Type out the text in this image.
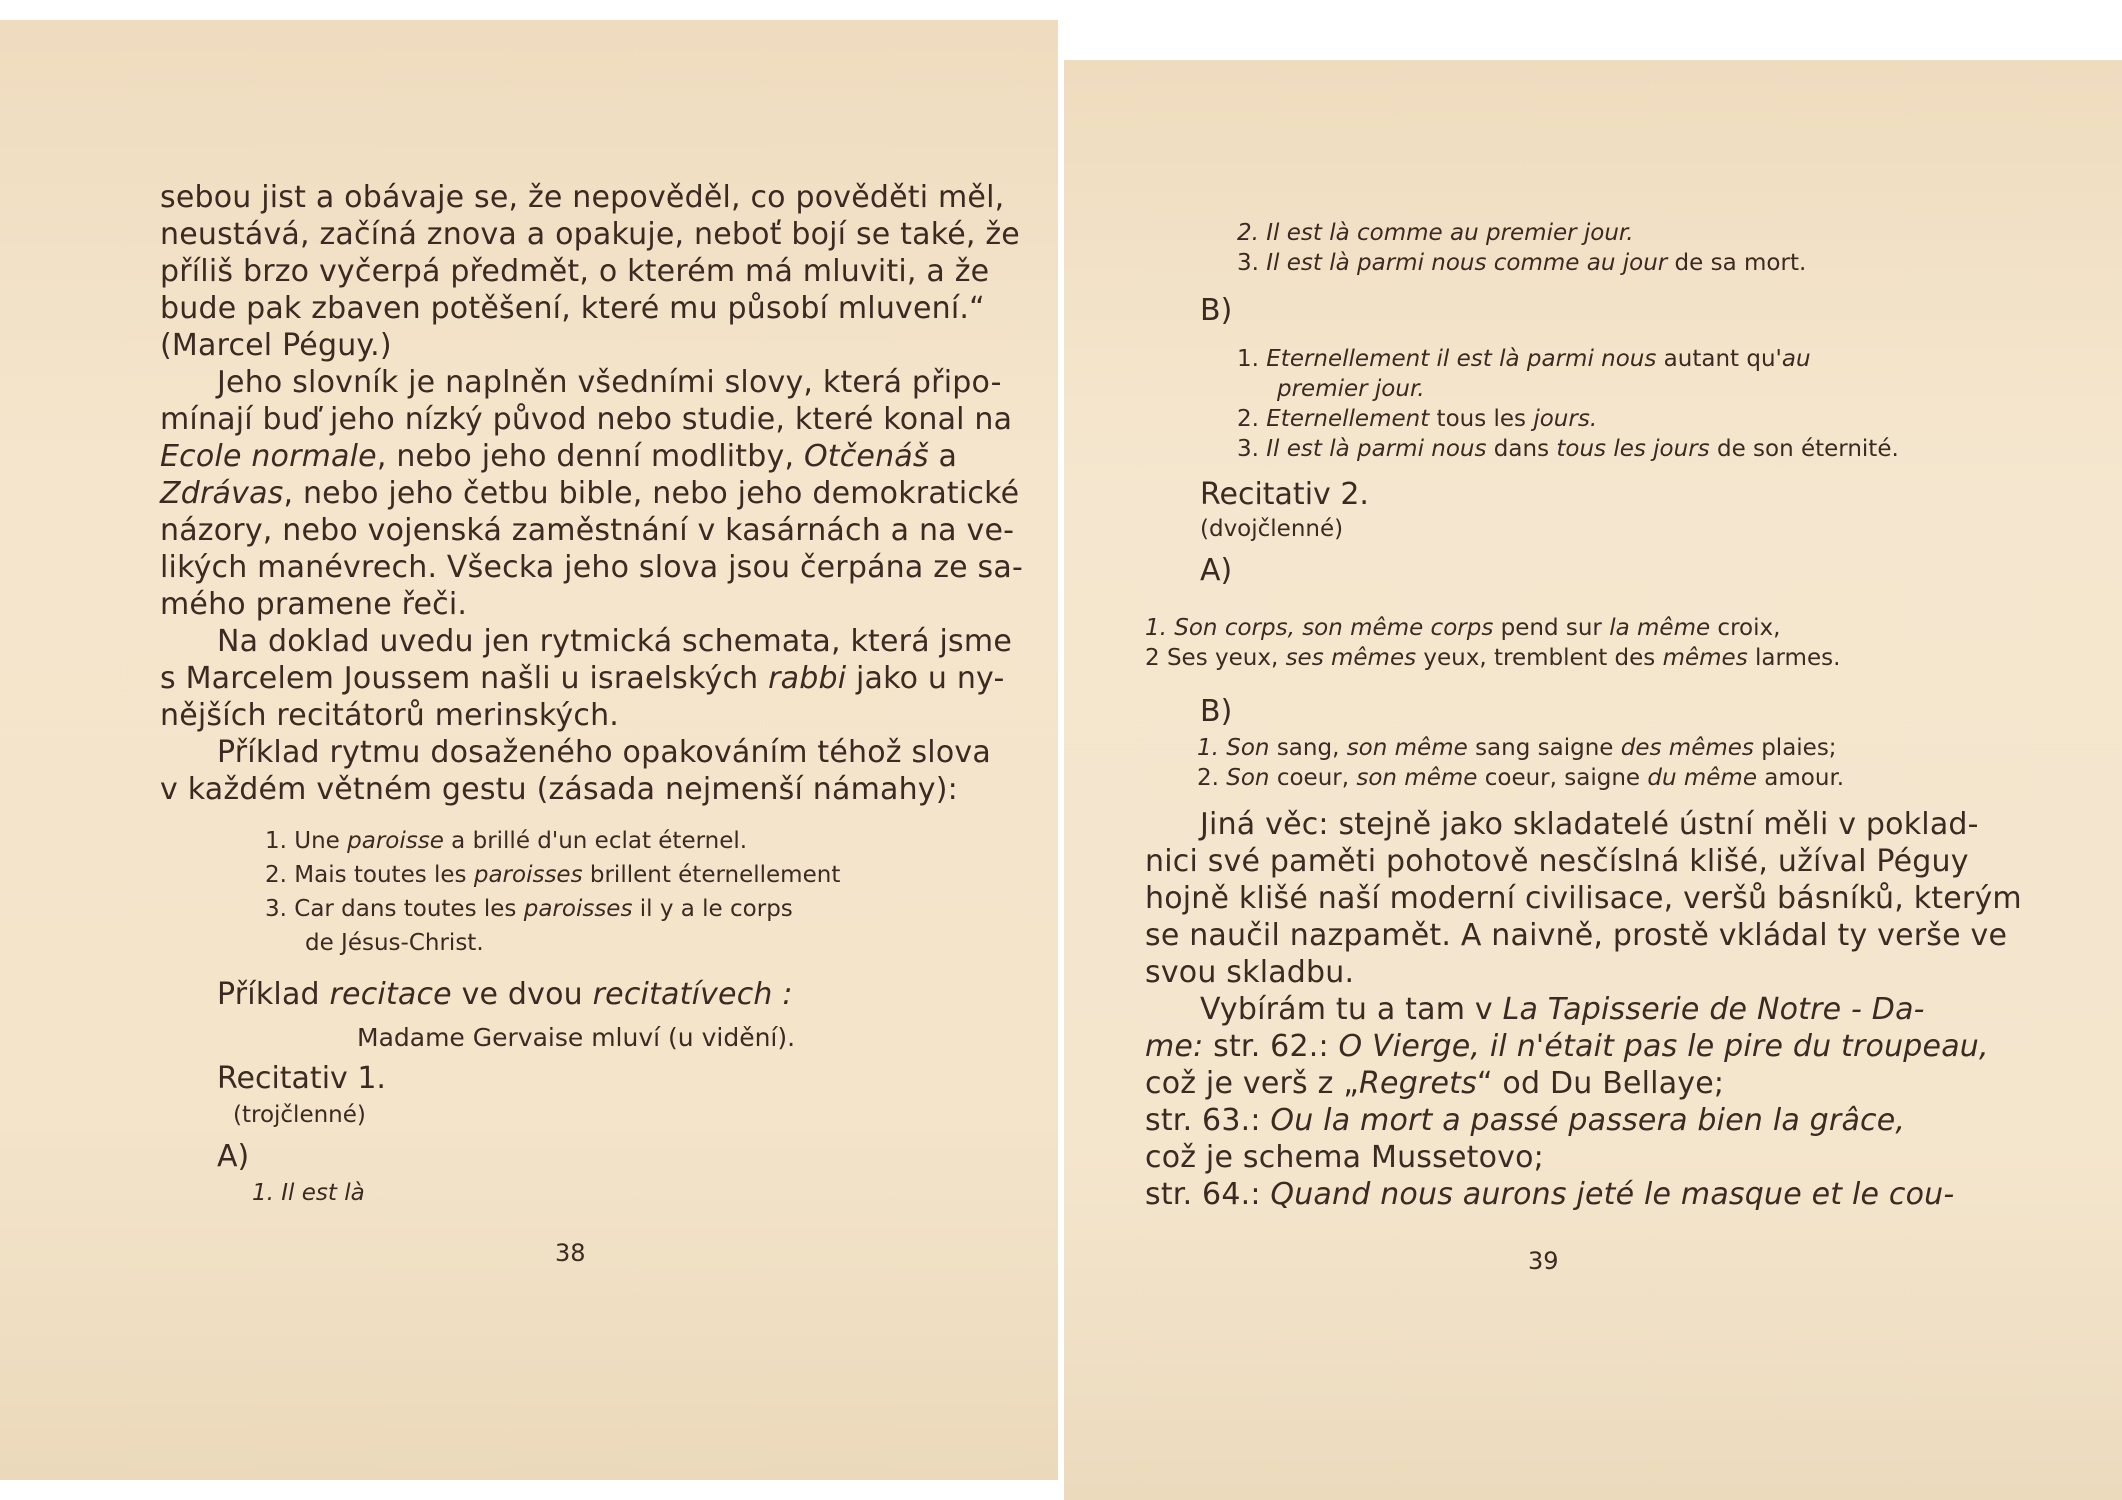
sebou jist a obávaje se, že nepověděl, co pověděti měl,
neustává, začíná znova a opakuje, neboť bojí se také, že
příliš brzo vyčerpá předmět, o kterém má mluviti, a že
bude pak zbaven potěšení, které mu působí mluvení.“
(Marcel Péguy.)
Jeho slovník je naplněn všedními slovy, která připo-
mínají buď jeho nízký původ nebo studie, které konal na
Ecole normale, nebo jeho denní modlitby, Otčenáš a
Zdrávas, nebo jeho četbu bible, nebo jeho demokratické
názory, nebo vojenská zaměstnání v kasárnách a na ve-
likých manévrech. Všecka jeho slova jsou čerpána ze sa-
mého pramene řeči.
Na doklad uvedu jen rytmická schemata, která jsme
s Marcelem Joussem našli u israelských rabbi jako u ny-
nějších recitátorů merinských.
Příklad rytmu dosaženého opakováním téhož slova
v každém větném gestu (zásada nejmenší námahy):
1. Une paroisse a brillé d'un eclat éternel.
2. Mais toutes les paroisses brillent éternellement
3. Car dans toutes les paroisses il y a le corps
de Jésus-Christ.
Příklad recitace ve dvou recitatívech :
Madame Gervaise mluví (u vidění).
Recitativ 1.
(trojčlenné)
A)
1. Il est là
38
2. Il est là comme au premier jour.
3. Il est là parmi nous comme au jour de sa mort.
B)
1. Eternellement il est là parmi nous autant qu'au
premier jour.
2. Eternellement tous les jours.
3. Il est là parmi nous dans tous les jours de son éternité.
Recitativ 2.
(dvojčlenné)
A)
1. Son corps, son même corps pend sur la même croix,
2 Ses yeux, ses mêmes yeux, tremblent des mêmes larmes.
B)
1. Son sang, son même sang saigne des mêmes plaies;
2. Son coeur, son même coeur, saigne du même amour.
Jiná věc: stejně jako skladatelé ústní měli v poklad-
nici své paměti pohotově nesčíslná klišé, užíval Péguy
hojně klišé naší moderní civilisace, veršů básníků, kterým
se naučil nazpamět. A naivně, prostě vkládal ty verše ve
svou skladbu.
Vybírám tu a tam v La Tapisserie de Notre - Da-
me: str. 62.: O Vierge, il n'était pas le pire du troupeau,
což je verš z „Regrets“ od Du Bellaye;
str. 63.: Ou la mort a passé passera bien la grâce,
což je schema Mussetovo;
str. 64.: Quand nous aurons jeté le masque et le cou-
39
